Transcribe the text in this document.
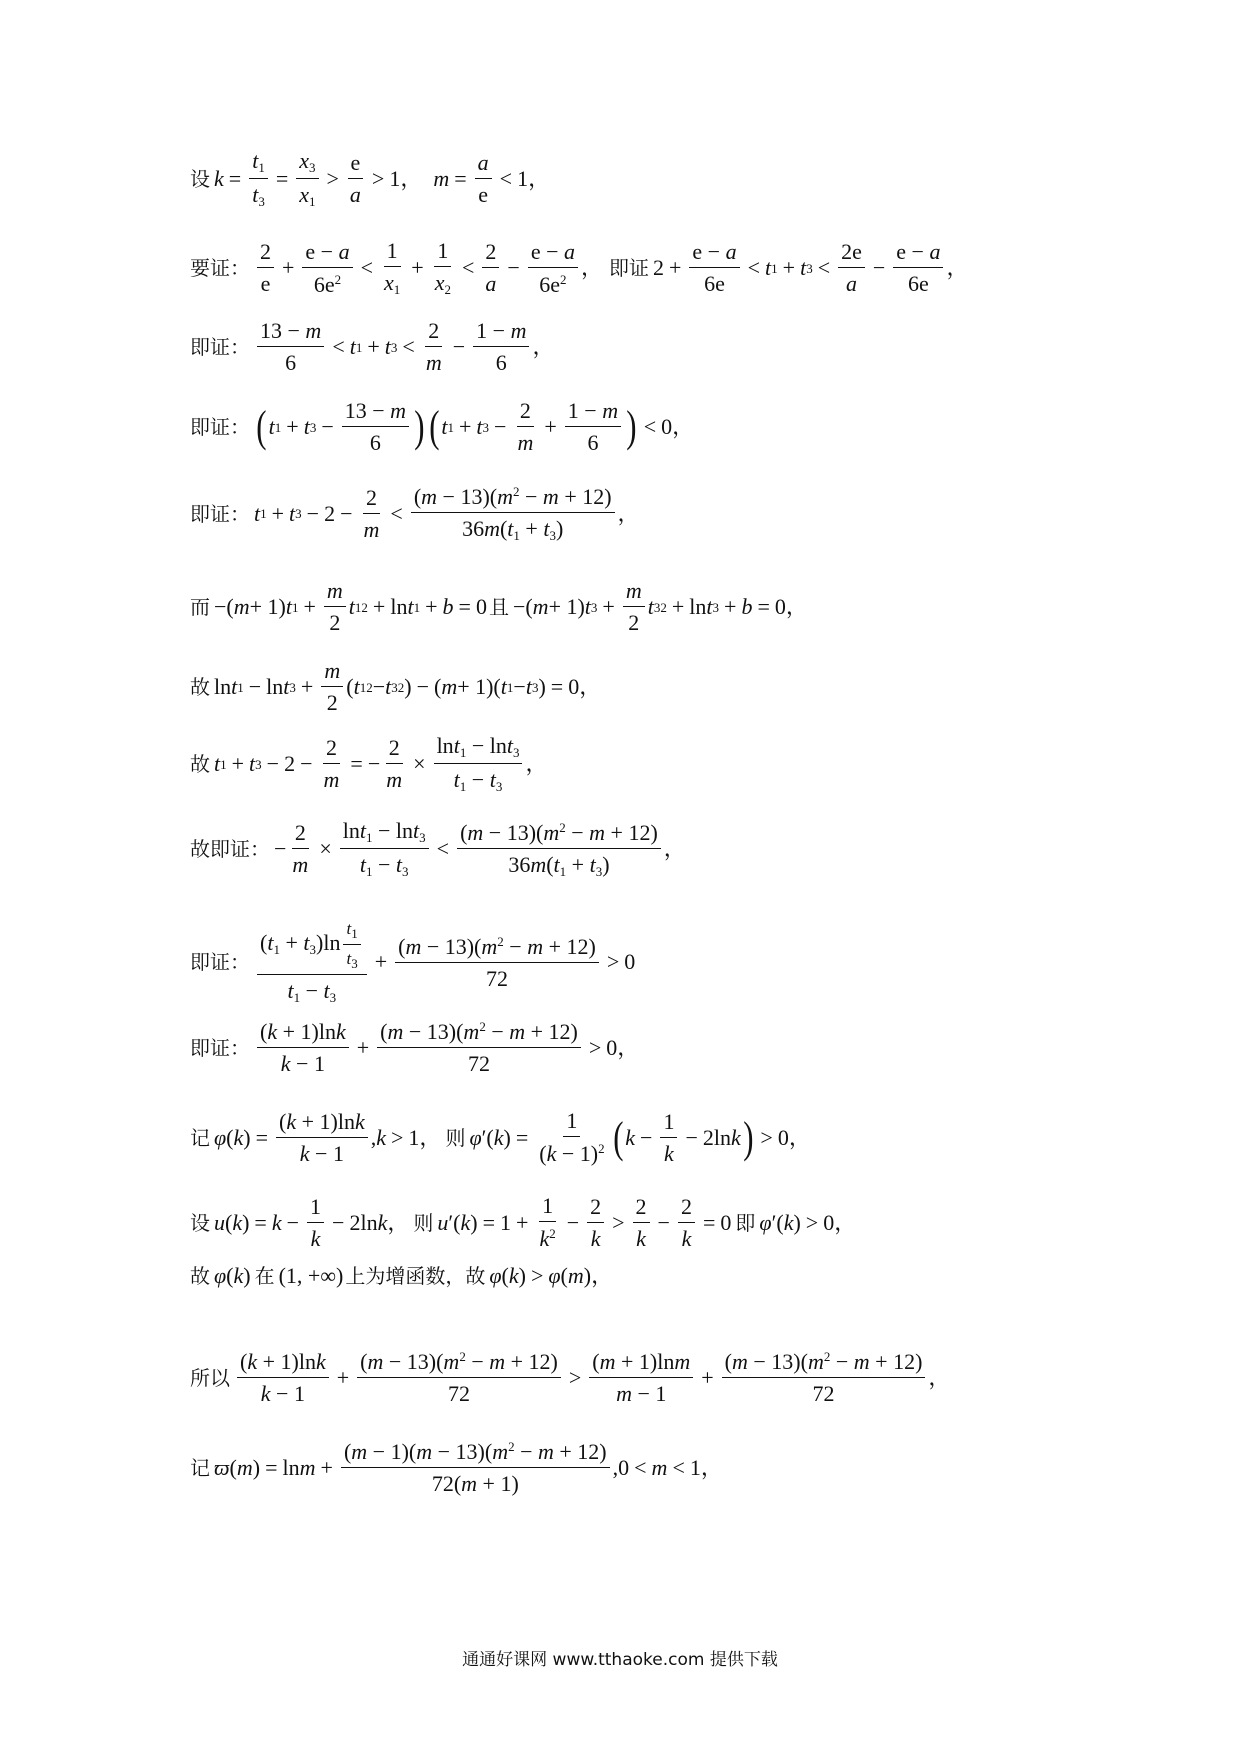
设 $k = \frac{t_1}{t_3} = \frac{x_3}{x_1} > \frac{e}{a} > 1$， $m = \frac{a}{e} < 1$，
要证： $\frac{2}{e} + \frac{e - a}{6e^2} < \frac{1}{x_1} + \frac{1}{x_2} < \frac{2}{a} - \frac{e - a}{6e^2}$ ， 即证 $2 + \frac{e - a}{6e} < t$ 1 + t $3 < \frac{2e}{a} - \frac{e - a}{6e}$ ，
即证： $\frac{13 - m}{6} < t$ 1 + t $3 < \frac{2}{m} - \frac{1 - m}{6}$ ，
即证： ( t 1 + t $3 - \frac{13 - m}{6}$ ) ( t 1 + t $3 - \frac{2}{m} + \frac{1 - m}{6}$ ) < 0，
即证： t 1 + t $3 - 2 - \frac{2}{m} < \frac{(m - 13)(m^2 - m + 12)}{36m(t_1 + t_3)}$ ，
而 −( m + 1) t $1 + \frac{m}{2}$ t 1 2 + ln t 1 + b = 0 且 −( m + 1) t $3 + \frac{m}{2}$ t 3 2 + ln t 3 + b = 0，
故 ln t 1 − ln t $3 + \frac{m}{2}$ ( t 1 2 − t 3 2 ) − ( m + 1)( t 1 − t 3 ) = 0，
故 t 1 + t $3 - 2 - \frac{2}{m}$ = − $\frac{2}{m} \times \frac{\ln t_1 - \ln t_3}{t_1 - t_3}$ ，
故即证： − $\frac{2}{m} \times \frac{\ln t_1 - \ln t_3}{t_1 - t_3} < \frac{(m - 13)(m^2 - m + 12)}{36m(t_1 + t_3)}$ ，
即证： $\frac{(t_1 + t_3)\ln \frac{t_1}{t_3}}{t_1 - t_3} + \frac{(m - 13)(m^2 - m + 12)}{72} > 0$
即证： $\frac{(k + 1)\ln k}{k - 1} + \frac{(m - 13)(m^2 - m + 12)}{72} > 0$，
记 φ ( k ) = $\frac{(k + 1)\ln k}{k - 1}$ , k > 1， 则 φ ′( k ) = $\frac{1}{(k - 1)^2}$ ( $k - \frac{1}{k} - 2\ln$ k ) > 0，
设 u ( k ) = $k - \frac{1}{k} - 2\ln$ k ， 则 u ′( k ) = $1 + \frac{1}{k^2} - \frac{2}{k} > \frac{2}{k} - \frac{2}{k} = 0$ 即 φ ′( k ) > 0，
故 φ ( k ) 在 (1, +∞) 上为增函数，故 φ ( k ) > φ ( m )，
所以 $\frac{(k + 1)\ln k}{k - 1} + \frac{(m - 13)(m^2 - m + 12)}{72} > \frac{(m + 1)\ln m}{m - 1} + \frac{(m - 13)(m^2 - m + 12)}{72}$ ，
记 ϖ ( m ) = $\ln m + \frac{(m - 1)(m - 13)(m^2 - m + 12)}{72(m + 1)} ,0 < m < 1$，
通通好课网 www.tthaoke.com 提供下载
